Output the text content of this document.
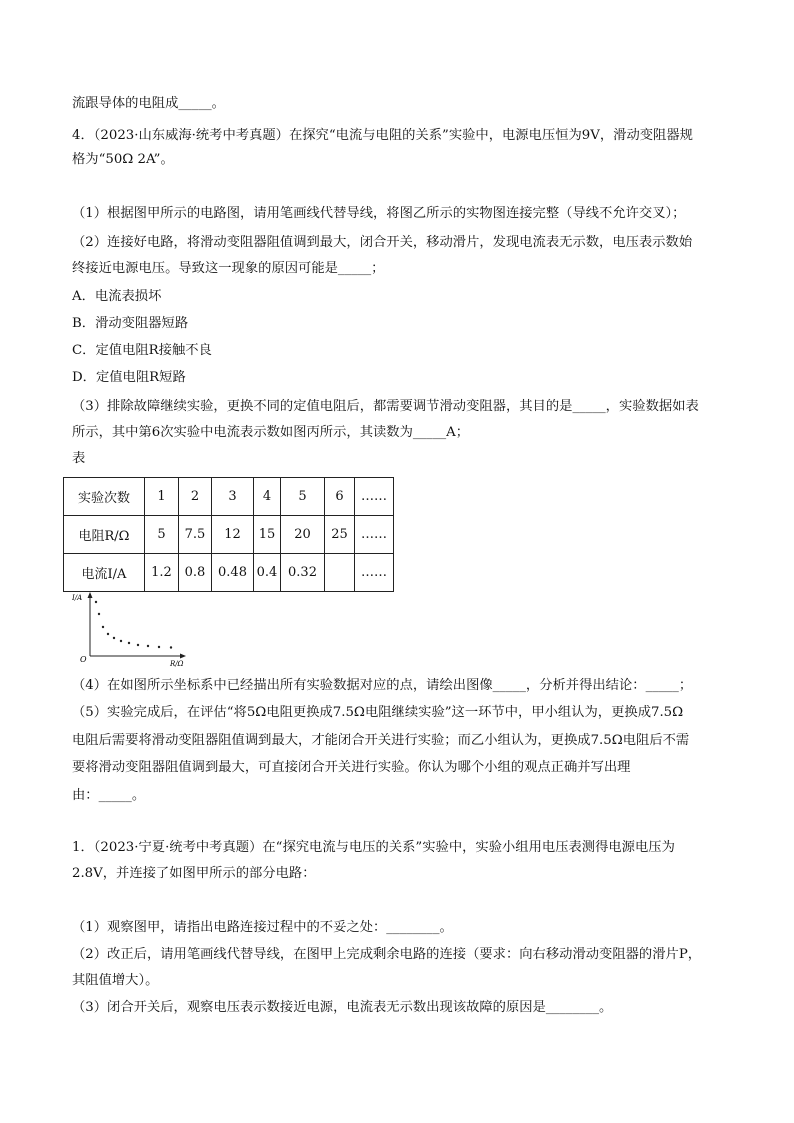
流跟导体的电阻成_____。
4．（2023·山东威海·统考中考真题）在探究“电流与电阻的关系”实验中，电源电压恒为9V，滑动变阻器规
格为“50Ω 2A”。
（1）根据图甲所示的电路图，请用笔画线代替导线，将图乙所示的实物图连接完整（导线不允许交叉）；
（2）连接好电路，将滑动变阻器阻值调到最大，闭合开关，移动滑片，发现电流表无示数，电压表示数始
终接近电源电压。导致这一现象的原因可能是_____；
A．电流表损坏
B．滑动变阻器短路
C．定值电阻R接触不良
D．定值电阻R短路
（3）排除故障继续实验，更换不同的定值电阻后，都需要调节滑动变阻器，其目的是_____，实验数据如表
所示，其中第6次实验中电流表示数如图丙所示，其读数为_____A；
表
实验次数	1	2	3	4	5	6	……
电阻R/Ω	5	7.5	12	15	20	25	……
电流I/A	1.2	0.8	0.48	0.4	0.32		……
I/A
R/Ω
O
（4）在如图所示坐标系中已经描出所有实验数据对应的点，请绘出图像_____，分析并得出结论：_____；
（5）实验完成后，在评估“将5Ω电阻更换成7.5Ω电阻继续实验”这一环节中，甲小组认为，更换成7.5Ω
电阻后需要将滑动变阻器阻值调到最大，才能闭合开关进行实验；而乙小组认为，更换成7.5Ω电阻后不需
要将滑动变阻器阻值调到最大，可直接闭合开关进行实验。你认为哪个小组的观点正确并写出理
由：_____。
1．（2023·宁夏·统考中考真题）在“探究电流与电压的关系”实验中，实验小组用电压表测得电源电压为
2.8V，并连接了如图甲所示的部分电路：
（1）观察图甲，请指出电路连接过程中的不妥之处：________。
（2）改正后，请用笔画线代替导线，在图甲上完成剩余电路的连接（要求：向右移动滑动变阻器的滑片P，
其阻值增大）。
（3）闭合开关后，观察电压表示数接近电源，电流表无示数出现该故障的原因是________。
